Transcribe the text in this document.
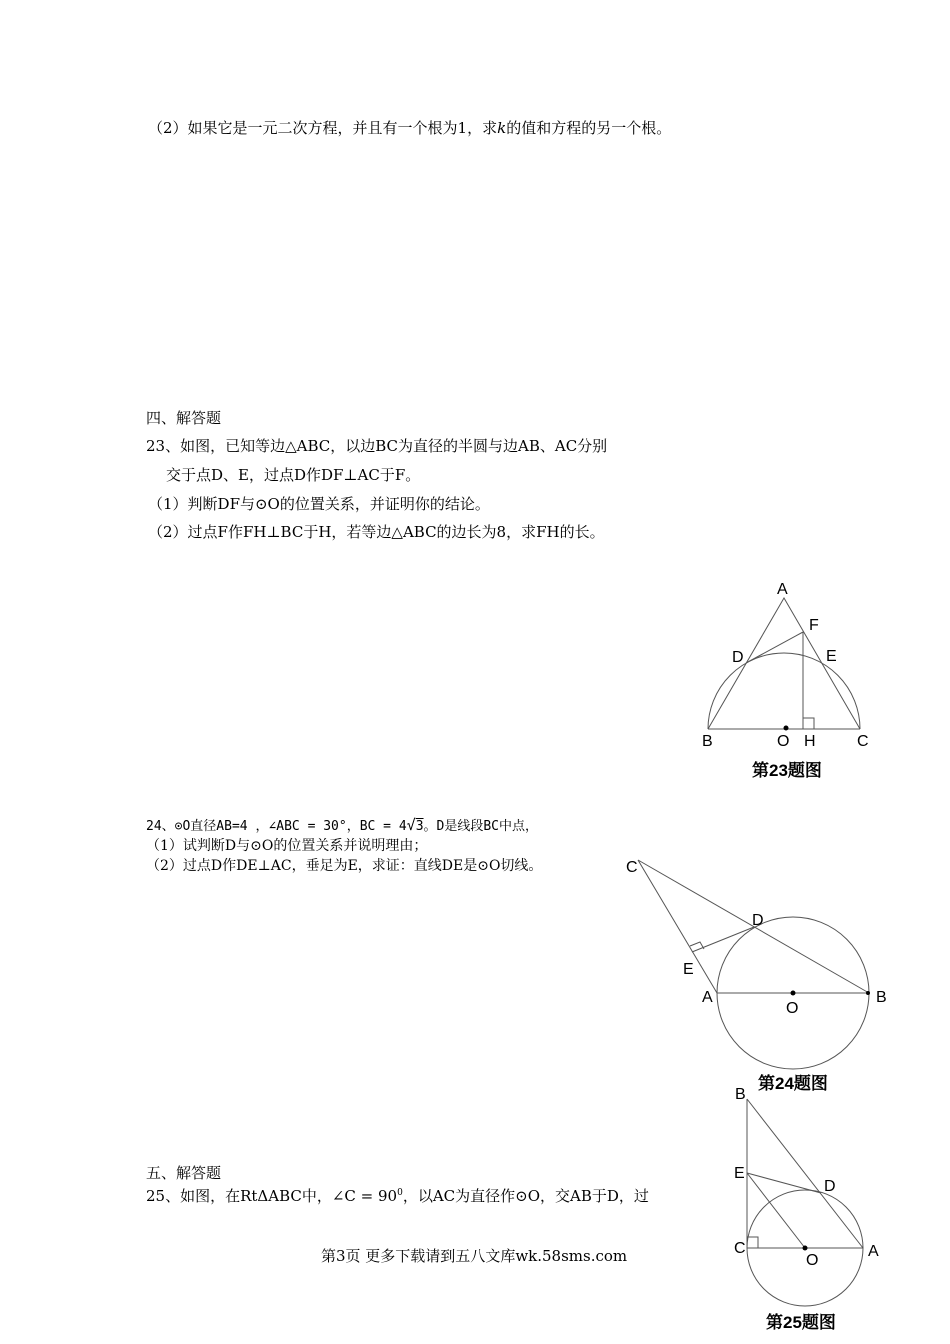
（2）如果它是一元二次方程，并且有一个根为1，求k的值和方程的另一个根。
四、解答题
23、如图，已知等边△ABC，以边BC为直径的半圆与边AB、AC分别
交于点D、E，过点D作DF⊥AC于F。
（1）判断DF与⊙O的位置关系，并证明你的结论。
（2）过点F作FH⊥BC于H，若等边△ABC的边长为8，求FH的长。
24、⊙O直径AB=4 ，∠ABC = 30°，BC = 4√3。D是线段BC中点，
（1）试判断D与⊙O的位置关系并说明理由；
（2）过点D作DE⊥AC，垂足为E，求证：直线DE是⊙O切线。
五、解答题
25、如图，在RtΔABC中，∠C = $90^0$，以AC为直径作⊙O，交AB于D，过
第3页 更多下载请到五八文库wk.58sms.com
A
F
D	E
B	O H	C
第23题图
C
D
E
A
O
B
第24题图
B
E
D
C
O
A
第25题图
